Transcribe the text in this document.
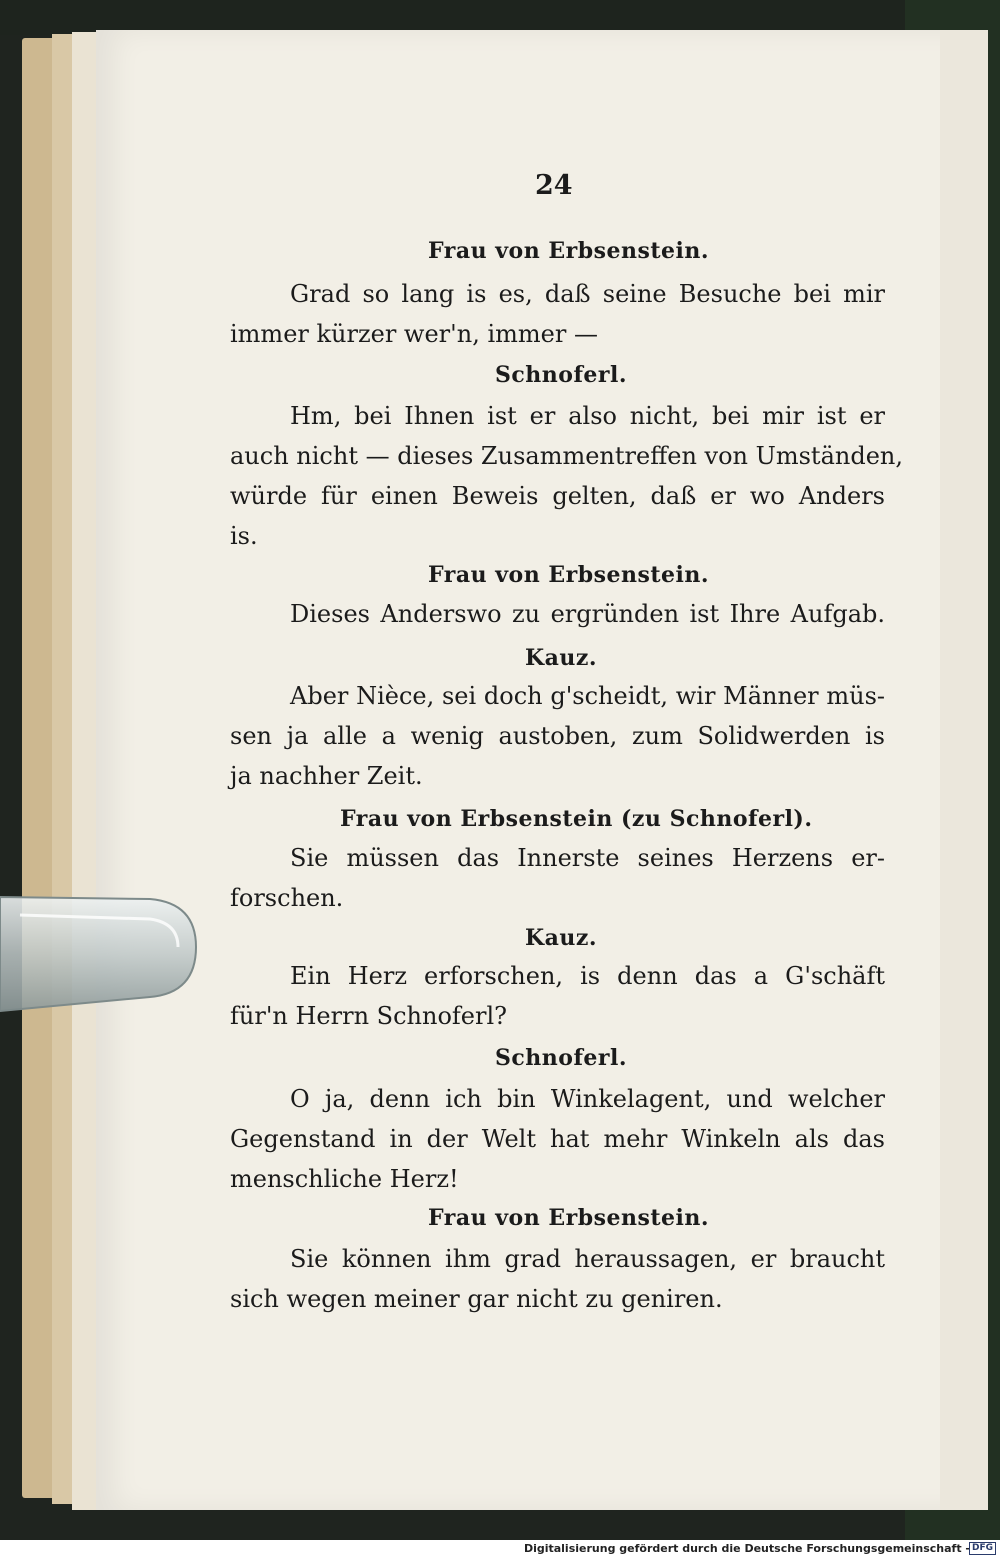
24
Frau von Erbsenstein.
Grad so lang is es, daß seine Besuche bei mir
immer kürzer wer'n, immer —
Schnoferl.
Hm, bei Ihnen ist er also nicht, bei mir ist er
auch nicht — dieses Zusammentreffen von Umständen,
würde für einen Beweis gelten, daß er wo Anders
is.
Frau von Erbsenstein.
Dieses Anderswo zu ergründen ist Ihre Aufgab.
Kauz.
Aber Nièce, sei doch g'scheidt, wir Männer müs-
sen ja alle a wenig austoben, zum Solidwerden is
ja nachher Zeit.
Frau von Erbsenstein (zu Schnoferl).
Sie müssen das Innerste seines Herzens er-
forschen.
Kauz.
Ein Herz erforschen, is denn das a G'schäft
für'n Herrn Schnoferl?
Schnoferl.
O ja, denn ich bin Winkelagent, und welcher
Gegenstand in der Welt hat mehr Winkeln als das
menschliche Herz!
Frau von Erbsenstein.
Sie können ihm grad heraussagen, er braucht
sich wegen meiner gar nicht zu geniren.
Digitalisierung gefördert durch die Deutsche Forschungsgemeinschaft - DFG
